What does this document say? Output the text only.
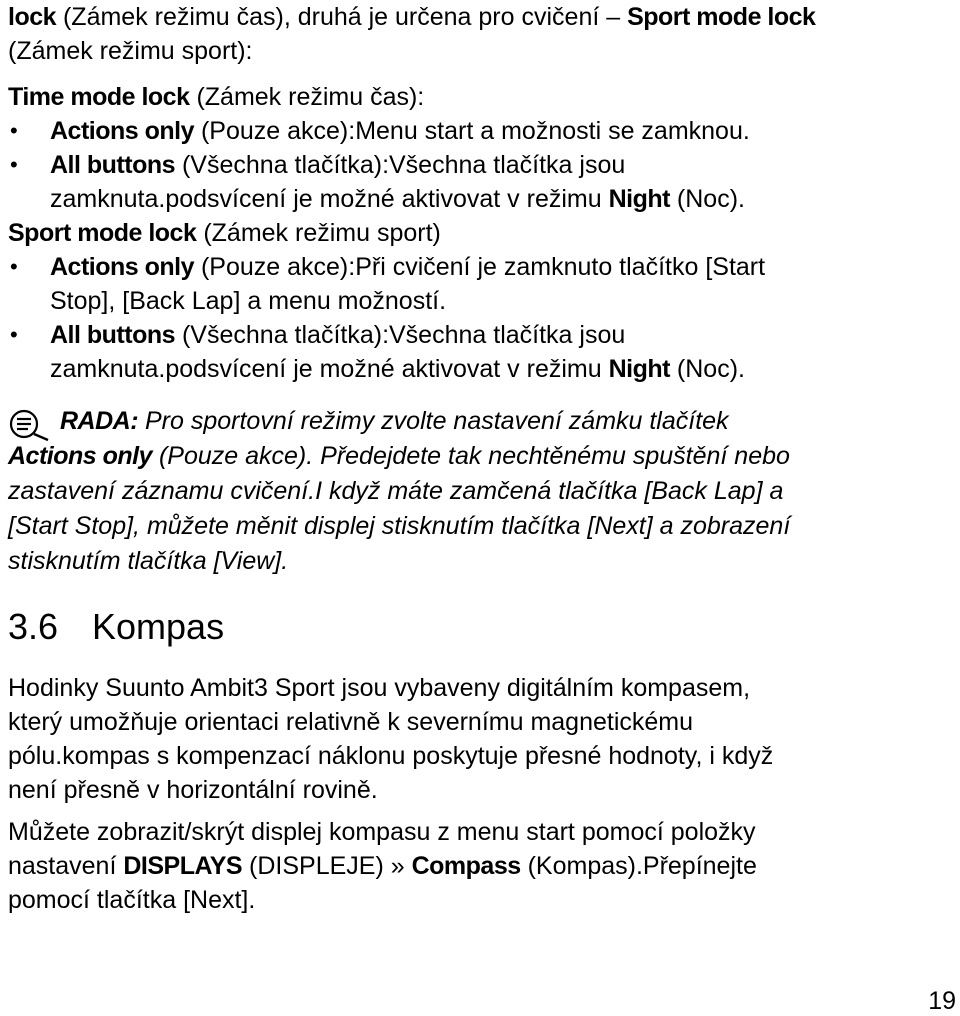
lock (Zámek režimu čas), druhá je určena pro cvičení – Sport mode lock
(Zámek režimu sport):
Time mode lock (Zámek režimu čas):
• Actions only (Pouze akce):Menu start a možnosti se zamknou.
• All buttons (Všechna tlačítka):Všechna tlačítka jsou
zamknuta.podsvícení je možné aktivovat v režimu Night (Noc).
Sport mode lock (Zámek režimu sport)
• Actions only (Pouze akce):Při cvičení je zamknuto tlačítko [Start
Stop], [Back Lap] a menu možností.
• All buttons (Všechna tlačítka):Všechna tlačítka jsou
zamknuta.podsvícení je možné aktivovat v režimu Night (Noc).
RADA: Pro sportovní režimy zvolte nastavení zámku tlačítek
Actions only (Pouze akce). Předejdete tak nechtěnému spuštění nebo
zastavení záznamu cvičení.I když máte zamčená tlačítka [Back Lap] a
[Start Stop], můžete měnit displej stisknutím tlačítka [Next] a zobrazení
stisknutím tlačítka [View].
3.6 Kompas
Hodinky Suunto Ambit3 Sport jsou vybaveny digitálním kompasem,
který umožňuje orientaci relativně k severnímu magnetickému
pólu.kompas s kompenzací náklonu poskytuje přesné hodnoty, i když
není přesně v horizontální rovině.
Můžete zobrazit/skrýt displej kompasu z menu start pomocí položky
nastavení DISPLAYS (DISPLEJE) » Compass (Kompas).Přepínejte
pomocí tlačítka [Next].
19
